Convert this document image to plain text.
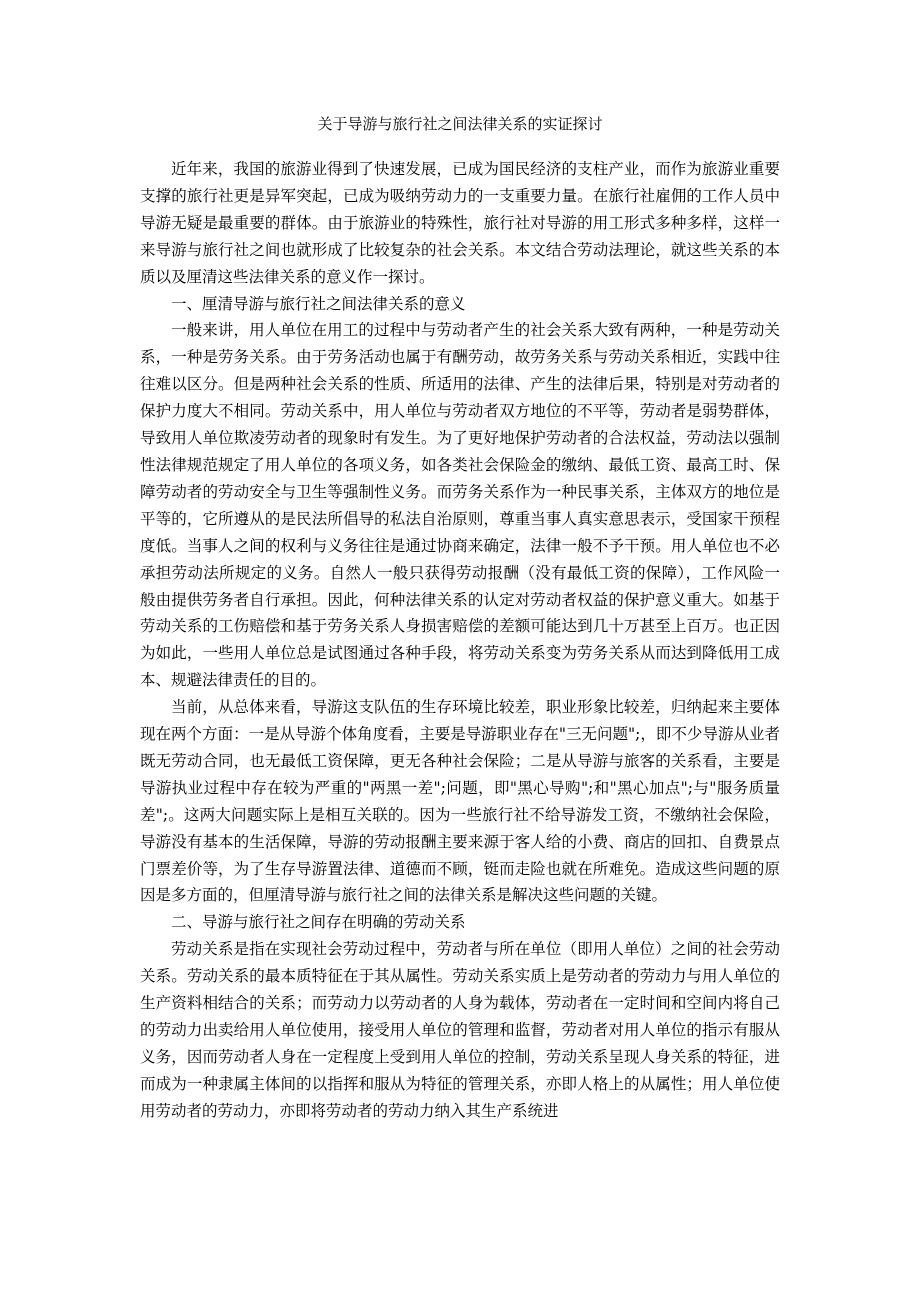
关于导游与旅行社之间法律关系的实证探讨

近年来，我国的旅游业得到了快速发展，已成为国民经济的支柱产业，而作为旅游业重要支撑的旅行社更是异军突起，已成为吸纳劳动力的一支重要力量。在旅行社雇佣的工作人员中导游无疑是最重要的群体。由于旅游业的特殊性，旅行社对导游的用工形式多种多样，这样一来导游与旅行社之间也就形成了比较复杂的社会关系。本文结合劳动法理论，就这些关系的本质以及厘清这些法律关系的意义作一探讨。

一、厘清导游与旅行社之间法律关系的意义

一般来讲，用人单位在用工的过程中与劳动者产生的社会关系大致有两种，一种是劳动关系，一种是劳务关系。由于劳务活动也属于有酬劳动，故劳务关系与劳动关系相近，实践中往往难以区分。但是两种社会关系的性质、所适用的法律、产生的法律后果，特别是对劳动者的保护力度大不相同。劳动关系中，用人单位与劳动者双方地位的不平等，劳动者是弱势群体，导致用人单位欺凌劳动者的现象时有发生。为了更好地保护劳动者的合法权益，劳动法以强制性法律规范规定了用人单位的各项义务，如各类社会保险金的缴纳、最低工资、最高工时、保障劳动者的劳动安全与卫生等强制性义务。而劳务关系作为一种民事关系，主体双方的地位是平等的，它所遵从的是民法所倡导的私法自治原则，尊重当事人真实意思表示，受国家干预程度低。当事人之间的权利与义务往往是通过协商来确定，法律一般不予干预。用人单位也不必承担劳动法所规定的义务。自然人一般只获得劳动报酬（没有最低工资的保障），工作风险一般由提供劳务者自行承担。因此，何种法律关系的认定对劳动者权益的保护意义重大。如基于劳动关系的工伤赔偿和基于劳务关系人身损害赔偿的差额可能达到几十万甚至上百万。也正因为如此，一些用人单位总是试图通过各种手段，将劳动关系变为劳务关系从而达到降低用工成本、规避法律责任的目的。

当前，从总体来看，导游这支队伍的生存环境比较差，职业形象比较差，归纳起来主要体现在两个方面：一是从导游个体角度看，主要是导游职业存在"三无问题";，即不少导游从业者既无劳动合同，也无最低工资保障，更无各种社会保险；二是从导游与旅客的关系看，主要是导游执业过程中存在较为严重的"两黑一差";问题，即"黑心导购";和"黑心加点";与"服务质量差";。这两大问题实际上是相互关联的。因为一些旅行社不给导游发工资，不缴纳社会保险，导游没有基本的生活保障，导游的劳动报酬主要来源于客人给的小费、商店的回扣、自费景点门票差价等，为了生存导游置法律、道德而不顾，铤而走险也就在所难免。造成这些问题的原因是多方面的，但厘清导游与旅行社之间的法律关系是解决这些问题的关键。

二、导游与旅行社之间存在明确的劳动关系

劳动关系是指在实现社会劳动过程中，劳动者与所在单位（即用人单位）之间的社会劳动关系。劳动关系的最本质特征在于其从属性。劳动关系实质上是劳动者的劳动力与用人单位的生产资料相结合的关系；而劳动力以劳动者的人身为载体，劳动者在一定时间和空间内将自己的劳动力出卖给用人单位使用，接受用人单位的管理和监督，劳动者对用人单位的指示有服从义务，因而劳动者人身在一定程度上受到用人单位的控制，劳动关系呈现人身关系的特征，进而成为一种隶属主体间的以指挥和服从为特征的管理关系，亦即人格上的从属性；用人单位使用劳动者的劳动力，亦即将劳动者的劳动力纳入其生产系统进
